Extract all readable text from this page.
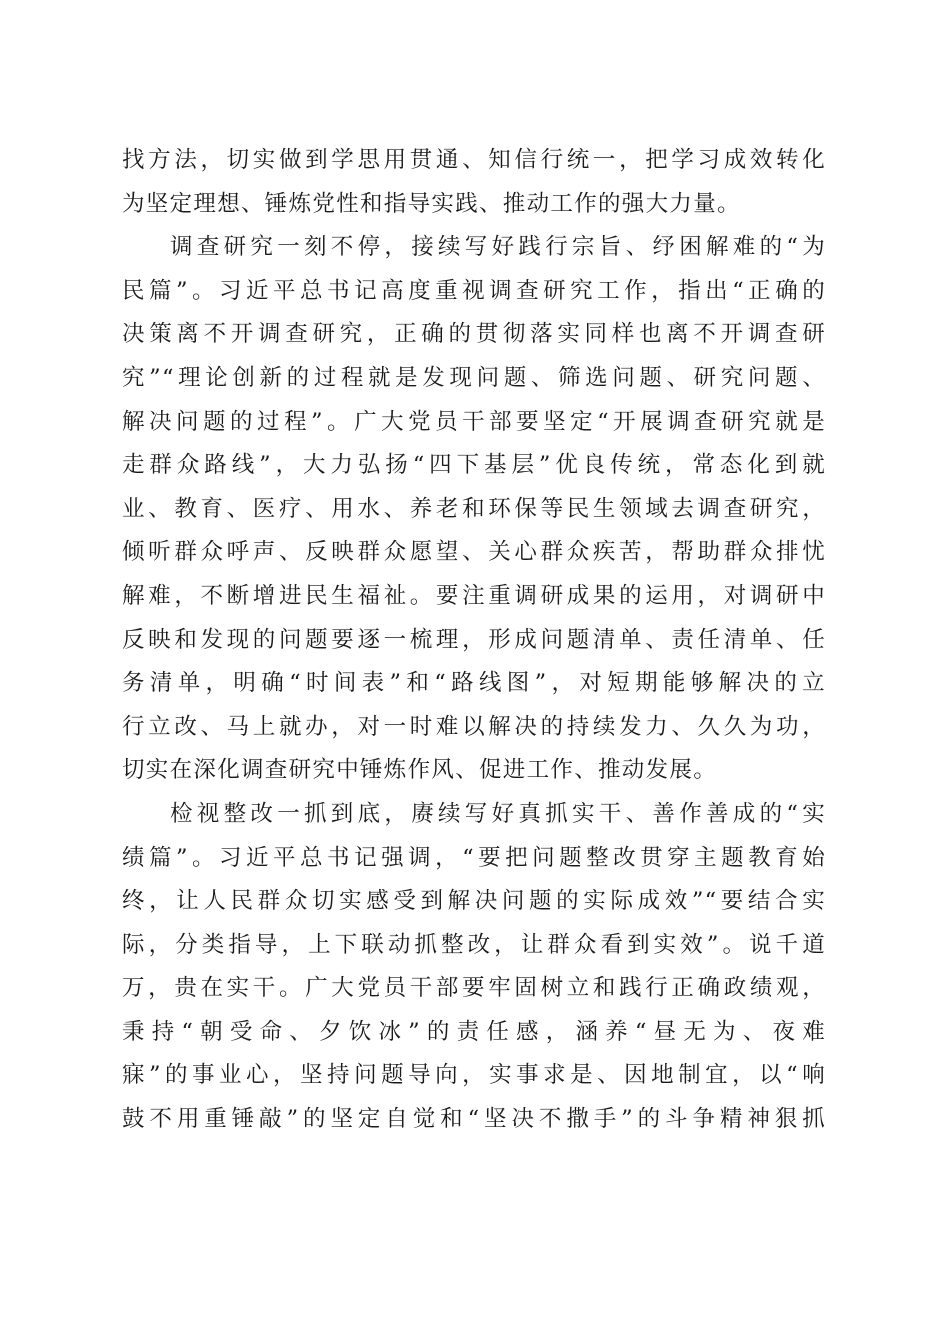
找方法，切实做到学思用贯通、知信行统一，把学习成效转化
为坚定理想、锤炼党性和指导实践、推动工作的强大力量。
调查研究一刻不停，接续写好践行宗旨、纾困解难的“为
民篇”。习近平总书记高度重视调查研究工作，指出“正确的
决策离不开调查研究，正确的贯彻落实同样也离不开调查研
究”“理论创新的过程就是发现问题、筛选问题、研究问题、
解决问题的过程”。广大党员干部要坚定“开展调查研究就是
走群众路线”，大力弘扬“四下基层”优良传统，常态化到就
业、教育、医疗、用水、养老和环保等民生领域去调查研究，
倾听群众呼声、反映群众愿望、关心群众疾苦，帮助群众排忧
解难，不断增进民生福祉。要注重调研成果的运用，对调研中
反映和发现的问题要逐一梳理，形成问题清单、责任清单、任
务清单，明确“时间表”和“路线图”，对短期能够解决的立
行立改、马上就办，对一时难以解决的持续发力、久久为功，
切实在深化调查研究中锤炼作风、促进工作、推动发展。
检视整改一抓到底，赓续写好真抓实干、善作善成的“实
绩篇”。习近平总书记强调，“要把问题整改贯穿主题教育始
终，让人民群众切实感受到解决问题的实际成效”“要结合实
际，分类指导，上下联动抓整改，让群众看到实效”。说千道
万，贵在实干。广大党员干部要牢固树立和践行正确政绩观，
秉持“朝受命、夕饮冰”的责任感，涵养“昼无为、夜难
寐”的事业心，坚持问题导向，实事求是、因地制宜，以“响
鼓不用重锤敲”的坚定自觉和“坚决不撒手”的斗争精神狠抓
